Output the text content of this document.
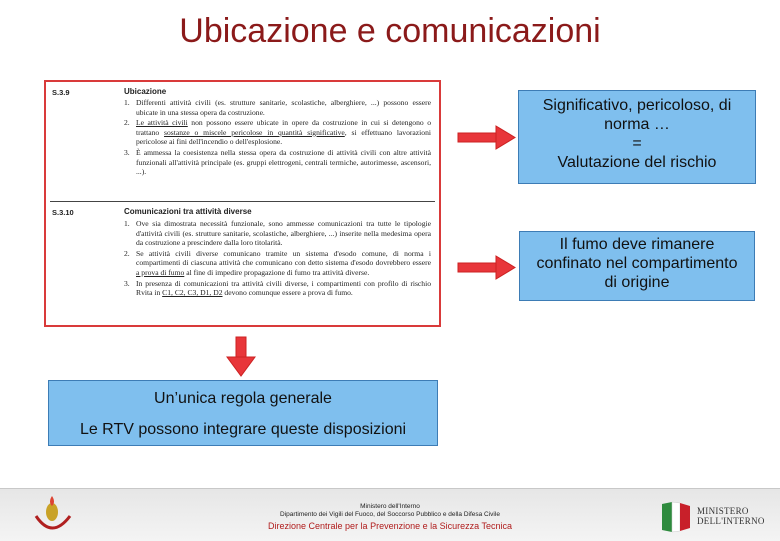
Ubicazione e comunicazioni
S.3.9	Ubicazione
1. Differenti attività civili (es. strutture sanitarie, scolastiche, alberghiere, ...) possono essere ubicate in una stessa opera da costruzione.
2. Le attività civili non possono essere ubicate in opere da costruzione in cui si detengono o trattano sostanze o miscele pericolose in quantità significative, si effettuano lavorazioni pericolose ai fini dell'incendio o dell'esplosione.
3. È ammessa la coesistenza nella stessa opera da costruzione di attività civili con altre attività funzionali all'attività principale (es. gruppi elettrogeni, centrali termiche, autorimesse, ascensori, ...).
S.3.10	Comunicazioni tra attività diverse
1. Ove sia dimostrata necessità funzionale, sono ammesse comunicazioni tra tutte le tipologie d'attività civili (es. strutture sanitarie, scolastiche, alberghiere, ...) inserite nella medesima opera da costruzione a prescindere dalla loro titolarità.
2. Se attività civili diverse comunicano tramite un sistema d'esodo comune, di norma i compartimenti di ciascuna attività che comunicano con detto sistema d'esodo dovrebbero essere a prova di fumo al fine di impedire propagazione di fumo tra attività diverse.
3. In presenza di comunicazioni tra attività civili diverse, i compartimenti con profilo di rischio Rvita in C1, C2, C3, D1, D2 devono comunque essere a prova di fumo.
Significativo, pericoloso, di
norma …
=
Valutazione del rischio
Il fumo deve rimanere
confinato nel compartimento
di origine
Un’unica regola generale
Le RTV possono integrare queste disposizioni
Ministero dell'Interno
Dipartimento dei Vigili del Fuoco, del Soccorso Pubblico e della Difesa Civile
Direzione Centrale per la Prevenzione e la Sicurezza Tecnica
MINISTERO
DELL'INTERNO
